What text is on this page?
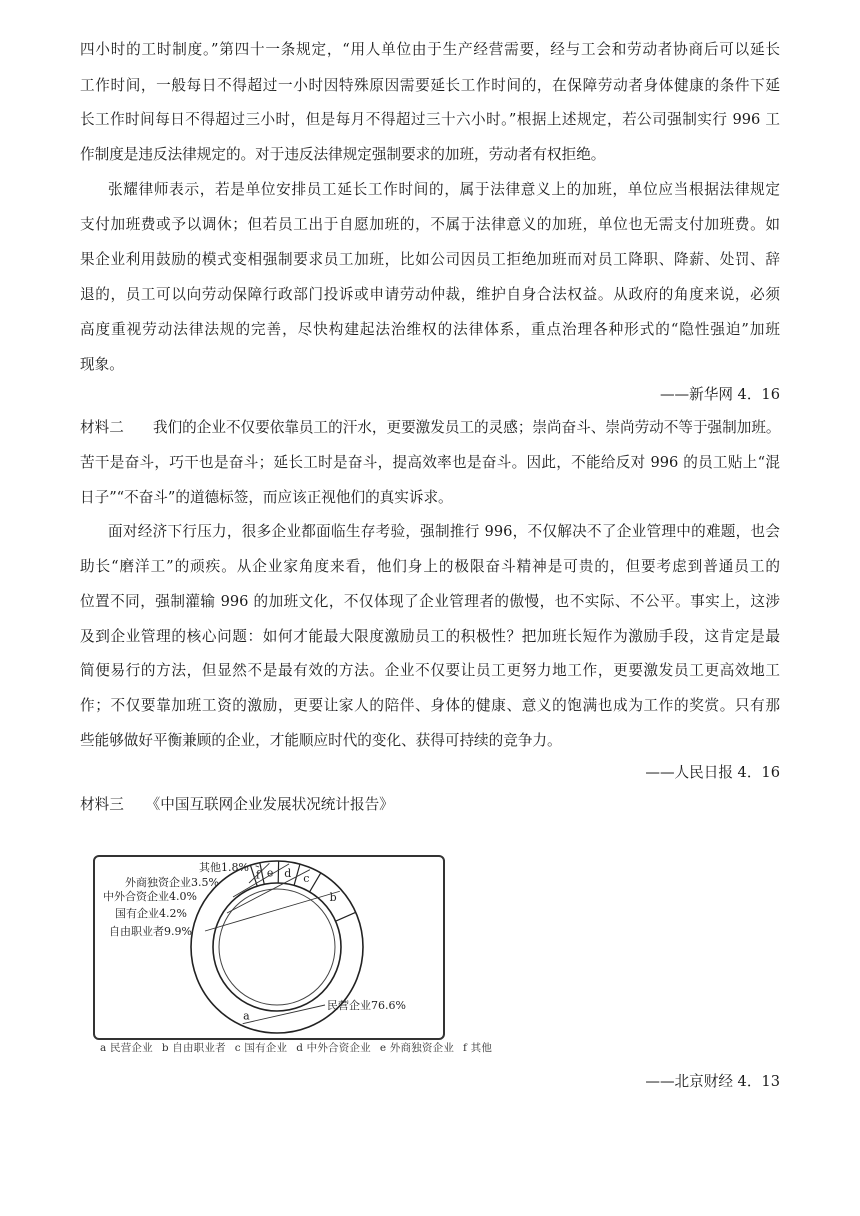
四小时的工时制度。”第四十一条规定，“用人单位由于生产经营需要，经与工会和劳动者协商后可以延长
工作时间，一般每日不得超过一小时因特殊原因需要延长工作时间的，在保障劳动者身体健康的条件下延
长工作时间每日不得超过三小时，但是每月不得超过三十六小时。”根据上述规定，若公司强制实行 996 工
作制度是违反法律规定的。对于违反法律规定强制要求的加班，劳动者有权拒绝。
张耀律师表示，若是单位安排员工延长工作时间的，属于法律意义上的加班，单位应当根据法律规定
支付加班费或予以调休；但若员工出于自愿加班的，不属于法律意义的加班，单位也无需支付加班费。如
果企业利用鼓励的模式变相强制要求员工加班，比如公司因员工拒绝加班而对员工降职、降薪、处罚、辞
退的，员工可以向劳动保障行政部门投诉或申请劳动仲裁，维护自身合法权益。从政府的角度来说，必须
高度重视劳动法律法规的完善，尽快构建起法治维权的法律体系，重点治理各种形式的“隐性强迫”加班
现象。
——新华网 4．16
材料二　　我们的企业不仅要依靠员工的汗水，更要激发员工的灵感；崇尚奋斗、崇尚劳动不等于强制加班。
苦干是奋斗，巧干也是奋斗；延长工时是奋斗，提高效率也是奋斗。因此，不能给反对 996 的员工贴上“混
日子”“不奋斗”的道德标签，而应该正视他们的真实诉求。
面对经济下行压力，很多企业都面临生存考验，强制推行 996，不仅解决不了企业管理中的难题，也会
助长“磨洋工”的顽疾。从企业家角度来看，他们身上的极限奋斗精神是可贵的，但要考虑到普通员工的
位置不同，强制灌输 996 的加班文化，不仅体现了企业管理者的傲慢，也不实际、不公平。事实上，这涉
及到企业管理的核心问题：如何才能最大限度激励员工的积极性？把加班长短作为激励手段，这肯定是最
简便易行的方法，但显然不是最有效的方法。企业不仅要让员工更努力地工作，更要激发员工更高效地工
作；不仅要靠加班工资的激励，更要让家人的陪伴、身体的健康、意义的饱满也成为工作的奖赏。只有那
些能够做好平衡兼顾的企业，才能顺应时代的变化、获得可持续的竞争力。
——人民日报 4．16
材料三　　《中国互联网企业发展状况统计报告》
a
b
c
d
e
f
民营企业76.6%
自由职业者9.9%
国有企业4.2%
中外合资企业4.0%
外商独资企业3.5%
其他1.8%
a 民营企业 b 自由职业者 c 国有企业 d 中外合资企业 e 外商独资企业 f 其他
——北京财经 4．13
